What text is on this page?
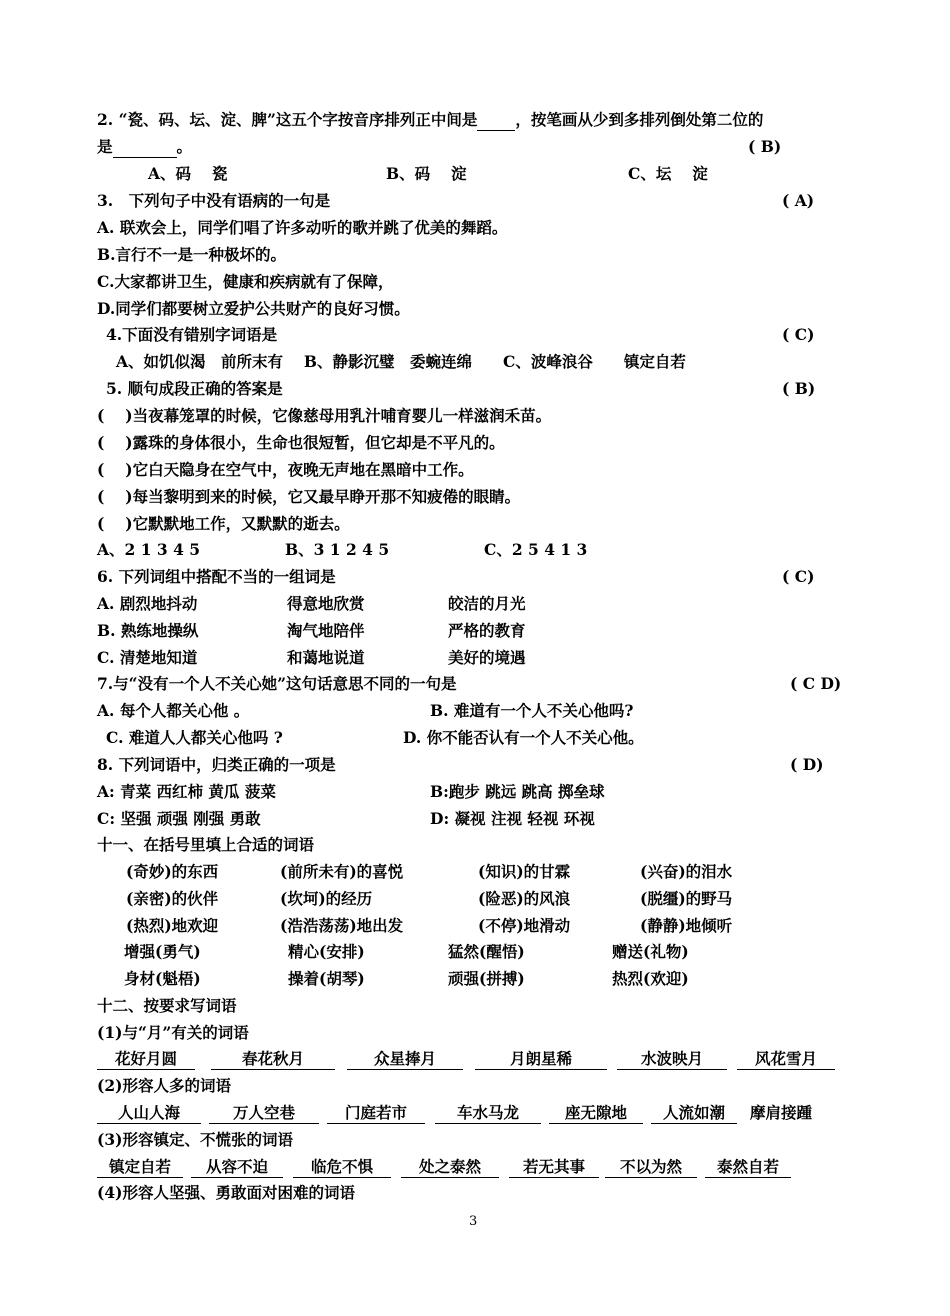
2. “瓷、码、坛、淀、脾”这五个字按音序排列正中间是 ，按笔画从少到多排列倒处第二位的
是	。	( B)
A、码　 瓷	B、码　 淀	C、坛　 淀
3.　下列句子中没有语病的一句是	( A)
A. 联欢会上，同学们唱了许多动听的歌并跳了优美的舞蹈。
B.言行不一是一种极坏的。
C.大家都讲卫生，健康和疾病就有了保障，
D.同学们都要树立爱护公共财产的良好习惯。
4.下面没有错别字词语是	( C)
A、如饥似渴　前所末有　 B、静影沉璧　委蜿连绵　　C、波峰浪谷　　镇定自若
5. 顺句成段正确的答案是	( B)
(　 )当夜幕笼罩的时候，它像慈母用乳汁哺育婴儿一样滋润禾苗。
(　 )露珠的身体很小，生命也很短暂，但它却是不平凡的。
(　 )它白天隐身在空气中，夜晚无声地在黑暗中工作。
(　 )每当黎明到来的时候，它又最早睁开那不知疲倦的眼睛。
(　 )它默默地工作，又默默的逝去。
A、2 1 3 4 5	B、3 1 2 4 5	C、2 5 4 1 3
6. 下列词组中搭配不当的一组词是	( C)
A. 剧烈地抖动	得意地欣赏	皎洁的月光
B. 熟练地操纵	淘气地陪伴	严格的教育
C. 清楚地知道	和蔼地说道	美好的境遇
7.与“没有一个人不关心她”这句话意思不同的一句是	( C D)
A. 每个人都关心他 。	B. 难道有一个人不关心他吗?
C. 难道人人都关心他吗 ?	D. 你不能否认有一个人不关心他。
8. 下列词语中，归类正确的一项是	( D)
A: 青菜 西红柿 黄瓜 菠菜	B:跑步 跳远 跳高 掷垒球
C: 坚强 顽强 刚强 勇敢	D: 凝视 注视 轻视 环视
十一、在括号里填上合适的词语
(奇妙)的东西	(前所未有)的喜悦	(知识)的甘霖	(兴奋)的泪水
(亲密)的伙伴	(坎坷)的经历	(险恶)的风浪	(脱缰)的野马
(热烈)地欢迎	(浩浩荡荡)地出发	(不停)地滑动	(静静)地倾听
增强(勇气)	精心(安排)	猛然(醒悟)	赠送(礼物)
身材(魁梧)	操着(胡琴)	顽强(拼搏)	热烈(欢迎)
十二、按要求写词语
(1)与“月”有关的词语
花好月圆	春花秋月	众星捧月	月朗星稀	水波映月	风花雪月
(2)形容人多的词语
人山人海	万人空巷	门庭若市	车水马龙	座无隙地 人流如潮 摩肩接踵
(3)形容镇定、不慌张的词语
镇定自若 从容不迫	临危不惧	处之泰然	若无其事 不以为然 泰然自若
(4)形容人坚强、勇敢面对困难的词语
3
